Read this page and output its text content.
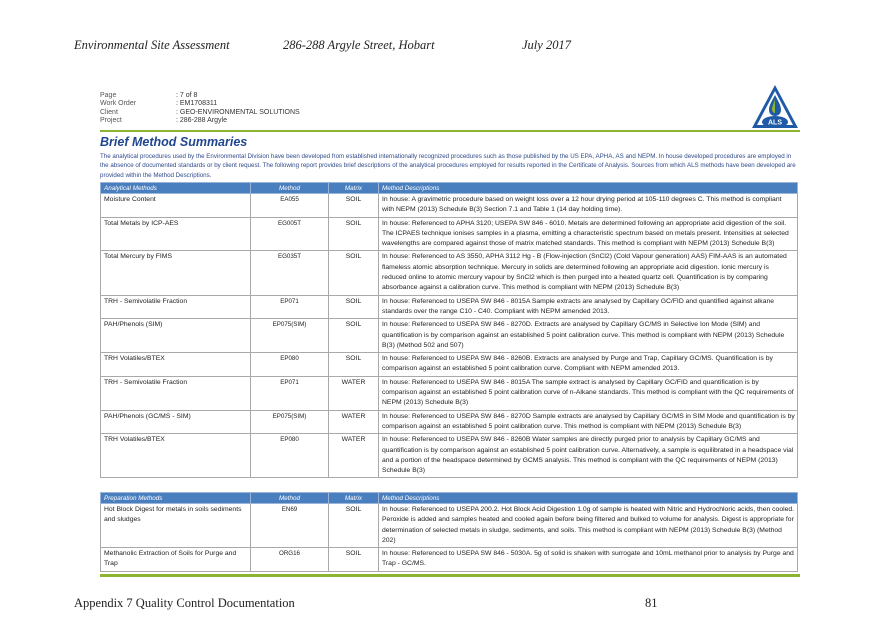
Environmental Site Assessment	286-288 Argyle Street, Hobart	July 2017
Page	: 7 of 8
Work Order	: EM1708311
Client	: GEO-ENVIRONMENTAL SOLUTIONS
Project	: 286-288 Argyle	ALS
Brief Method Summaries
The analytical procedures used by the Environmental Division have been developed from established internationally recognized procedures such as those published by the US EPA, APHA, AS and NEPM. In house developed procedures are employed in the absence of documented standards or by client request. The following report provides brief descriptions of the analytical procedures employed for results reported in the Certificate of Analysis. Sources from which ALS methods have been developed are provided within the Method Descriptions.
Analytical Methods	Method	Matrix	Method Descriptions
Moisture Content	EA055	SOIL	In house: A gravimetric procedure based on weight loss over a 12 hour drying period at 105-110 degrees C. This method is compliant with NEPM (2013) Schedule B(3) Section 7.1 and Table 1 (14 day holding time).
Total Metals by ICP-AES	EG005T	SOIL	In house: Referenced to APHA 3120; USEPA SW 846 - 6010. Metals are determined following an appropriate acid digestion of the soil. The ICPAES technique ionises samples in a plasma, emitting a characteristic spectrum based on metals present. Intensities at selected wavelengths are compared against those of matrix matched standards. This method is compliant with NEPM (2013) Schedule B(3)
Total Mercury by FIMS	EG035T	SOIL	In house: Referenced to AS 3550, APHA 3112 Hg - B (Flow-injection (SnCl2) (Cold Vapour generation) AAS) FIM-AAS is an automated flameless atomic absorption technique. Mercury in solids are determined following an appropriate acid digestion. Ionic mercury is reduced online to atomic mercury vapour by SnCl2 which is then purged into a heated quartz cell. Quantification is by comparing absorbance against a calibration curve. This method is compliant with NEPM (2013) Schedule B(3)
TRH - Semivolatile Fraction	EP071	SOIL	In house: Referenced to USEPA SW 846 - 8015A Sample extracts are analysed by Capillary GC/FID and quantified against alkane standards over the range C10 - C40. Compliant with NEPM amended 2013.
PAH/Phenols (SIM)	EP075(SIM)	SOIL	In house: Referenced to USEPA SW 846 - 8270D. Extracts are analysed by Capillary GC/MS in Selective Ion Mode (SIM) and quantification is by comparison against an established 5 point calibration curve. This method is compliant with NEPM (2013) Schedule B(3) (Method 502 and 507)
TRH Volatiles/BTEX	EP080	SOIL	In house: Referenced to USEPA SW 846 - 8260B. Extracts are analysed by Purge and Trap, Capillary GC/MS. Quantification is by comparison against an established 5 point calibration curve. Compliant with NEPM amended 2013.
TRH - Semivolatile Fraction	EP071	WATER	In house: Referenced to USEPA SW 846 - 8015A The sample extract is analysed by Capillary GC/FID and quantification is by comparison against an established 5 point calibration curve of n-Alkane standards. This method is compliant with the QC requirements of NEPM (2013) Schedule B(3)
PAH/Phenols (GC/MS - SIM)	EP075(SIM)	WATER	In house: Referenced to USEPA SW 846 - 8270D Sample extracts are analysed by Capillary GC/MS in SIM Mode and quantification is by comparison against an established 5 point calibration curve. This method is compliant with NEPM (2013) Schedule B(3)
TRH Volatiles/BTEX	EP080	WATER	In house: Referenced to USEPA SW 846 - 8260B Water samples are directly purged prior to analysis by Capillary GC/MS and quantification is by comparison against an established 5 point calibration curve. Alternatively, a sample is equilibrated in a headspace vial and a portion of the headspace determined by GCMS analysis. This method is compliant with the QC requirements of NEPM (2013) Schedule B(3)
Preparation Methods	Method	Matrix	Method Descriptions
Hot Block Digest for metals in soils sediments and sludges	EN69	SOIL	In house: Referenced to USEPA 200.2. Hot Block Acid Digestion 1.0g of sample is heated with Nitric and Hydrochloric acids, then cooled. Peroxide is added and samples heated and cooled again before being filtered and bulked to volume for analysis. Digest is appropriate for determination of selected metals in sludge, sediments, and soils. This method is compliant with NEPM (2013) Schedule B(3) (Method 202)
Methanolic Extraction of Soils for Purge and Trap	ORG16	SOIL	In house: Referenced to USEPA SW 846 - 5030A. 5g of solid is shaken with surrogate and 10mL methanol prior to analysis by Purge and Trap - GC/MS.
Appendix 7 Quality Control Documentation	81
